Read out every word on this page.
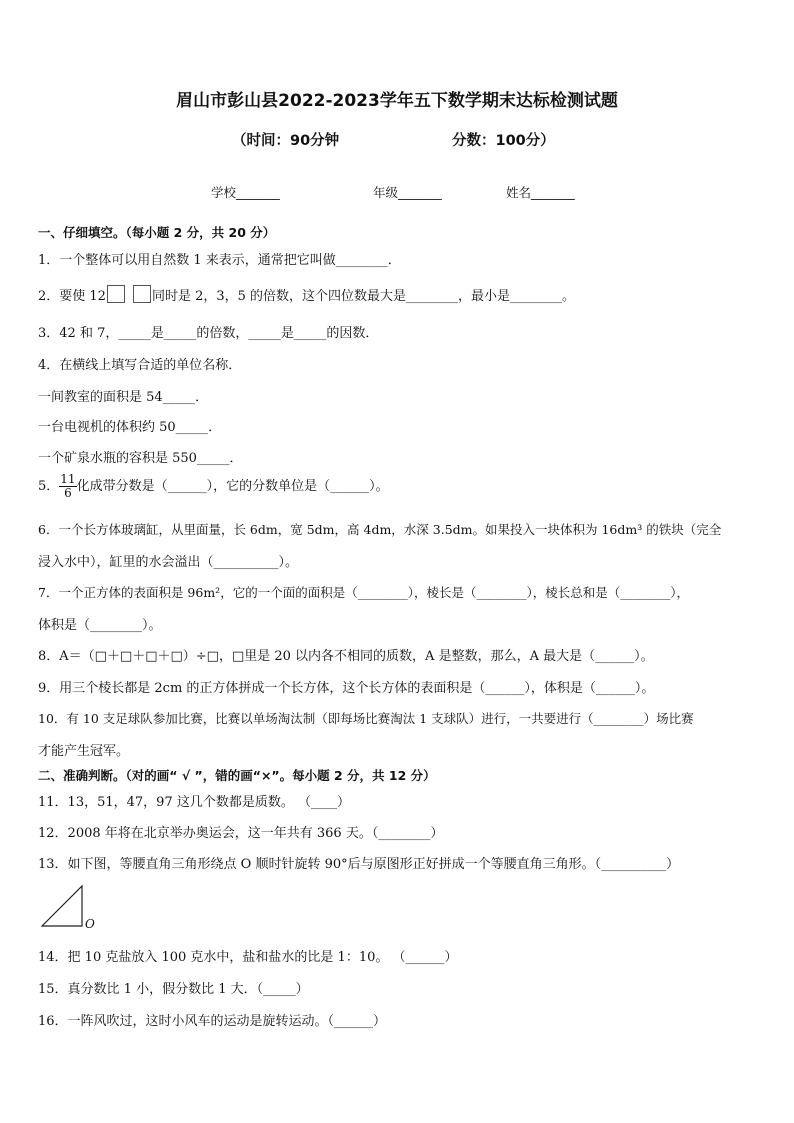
眉山市彭山县2022-2023学年五下数学期末达标检测试题
（时间：90分钟	分数：100分）
学校_______	年级_______	姓名_______
一、仔细填空。（每小题 2 分，共 20 分）
1．一个整体可以用自然数 1 来表示，通常把它叫做________．
2．要使 12	同时是 2，3，5 的倍数，这个四位数最大是________，最小是________。
3．42 和 7，_____是_____的倍数，_____是_____的因数．
4．在横线上填写合适的单位名称．
一间教室的面积是 54_____．
一台电视机的体积约 50_____．
一个矿泉水瓶的容积是 550_____．
5． $\frac{11}{6}$ 化成带分数是（______），它的分数单位是（______）。
6．一个长方体玻璃缸，从里面量，长 6dm，宽 5dm，高 4dm，水深 3.5dm。如果投入一块体积为 16dm³ 的铁块（完全
浸入水中），缸里的水会溢出（__________）。
7．一个正方体的表面积是 96m²，它的一个面的面积是（________），棱长是（________），棱长总和是（________），
体积是（________）。
8．A＝（□＋□＋□＋□）÷□，□里是 20 以内各不相同的质数，A 是整数，那么，A 最大是（______）。
9．用三个棱长都是 2cm 的正方体拼成一个长方体，这个长方体的表面积是（______），体积是（______）。
10．有 10 支足球队参加比赛，比赛以单场淘汰制（即每场比赛淘汰 1 支球队）进行，一共要进行（________）场比赛
才能产生冠军。
二、准确判断。（对的画“ √ ”，错的画“×”。每小题 2 分，共 12 分）
11．13，51，47，97 这几个数都是质数。 （____）
12．2008 年将在北京举办奥运会，这一年共有 366 天。（________）
13．如下图，等腰直角三角形绕点 O 顺时针旋转 90°后与原图形正好拼成一个等腰直角三角形。（__________）
O
14．把 10 克盐放入 100 克水中，盐和盐水的比是 1：10。 （______）
15．真分数比 1 小，假分数比 1 大．（_____）
16．一阵风吹过，这时小风车的运动是旋转运动。（______）
